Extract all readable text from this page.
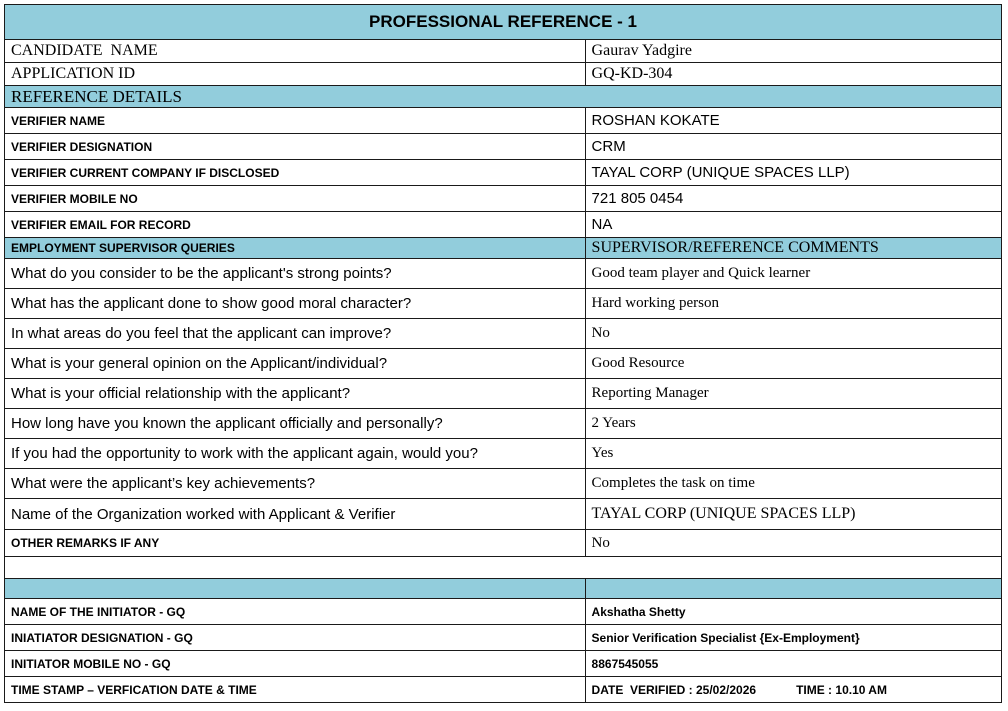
PROFESSIONAL REFERENCE - 1	
CANDIDATE  NAME	Gaurav Yadgire
APPLICATION ID	GQ-KD-304
REFERENCE DETAILS	
VERIFIER NAME	ROSHAN KOKATE
VERIFIER DESIGNATION	CRM
VERIFIER CURRENT COMPANY IF DISCLOSED	TAYAL CORP (UNIQUE SPACES LLP)
VERIFIER MOBILE NO	721 805 0454
VERIFIER EMAIL FOR RECORD	NA
EMPLOYMENT SUPERVISOR QUERIES	SUPERVISOR/REFERENCE COMMENTS
What do you consider to be the applicant's strong points?	Good team player and Quick learner
What has the applicant done to show good moral character?	Hard working person
In what areas do you feel that the applicant can improve?	No
What is your general opinion on the Applicant/individual?	Good Resource
What is your official relationship with the applicant?	Reporting Manager
How long have you known the applicant officially and personally?	2 Years
If you had the opportunity to work with the applicant again, would you?	Yes
What were the applicant’s key achievements?	Completes the task on time
Name of the Organization worked with Applicant & Verifier	TAYAL CORP (UNIQUE SPACES LLP)
OTHER REMARKS IF ANY	No

NAME OF THE INITIATOR - GQ	Akshatha Shetty
INIATIATOR DESIGNATION - GQ	Senior Verification Specialist {Ex-Employment}
INITIATOR MOBILE NO - GQ	8867545055
TIME STAMP – VERFICATION DATE & TIME	DATE  VERIFIED : 25/02/2026 TIME : 10.10 AM
